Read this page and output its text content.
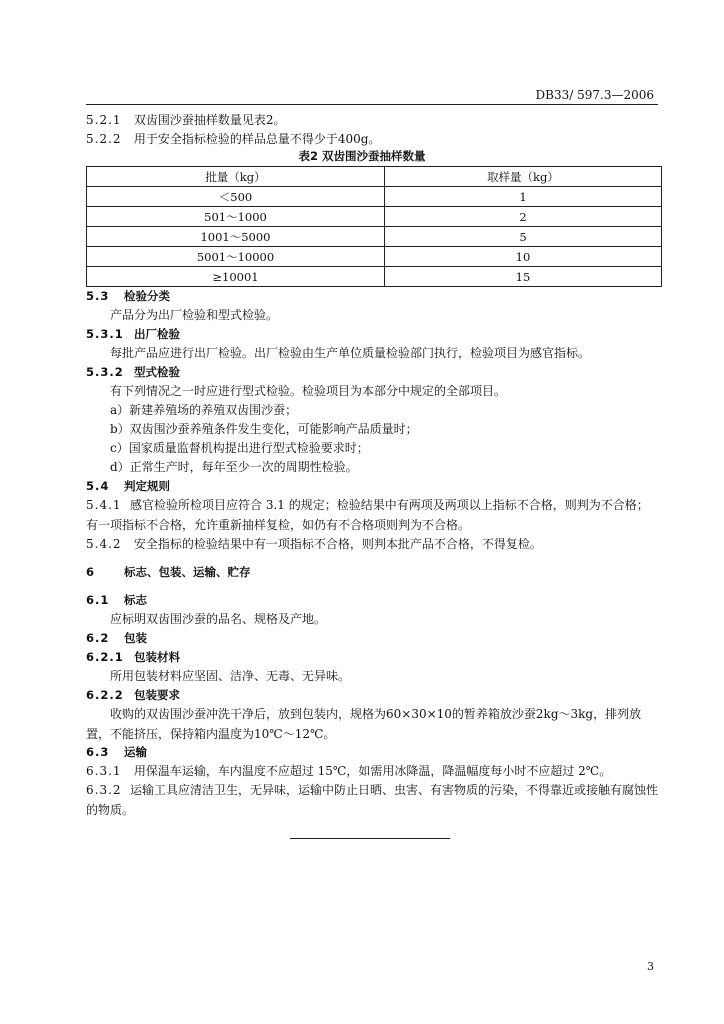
DB33/ 597.3—2006
5.2.1 双齿围沙蚕抽样数量见表2。
5.2.2 用于安全指标检验的样品总量不得少于400g。
表2 双齿围沙蚕抽样数量
批量（kg）	取样量（kg）
＜500	1
501～1000	2
1001～5000	5
5001～10000	10
≥10001	15
5.3 检验分类
产品分为出厂检验和型式检验。
5.3.1 出厂检验
每批产品应进行出厂检验。出厂检验由生产单位质量检验部门执行，检验项目为感官指标。
5.3.2 型式检验
有下列情况之一时应进行型式检验。检验项目为本部分中规定的全部项目。
a）新建养殖场的养殖双齿围沙蚕；
b）双齿围沙蚕养殖条件发生变化，可能影响产品质量时；
c）国家质量监督机构提出进行型式检验要求时；
d）正常生产时，每年至少一次的周期性检验。
5.4 判定规则
5.4.1 感官检验所检项目应符合 3.1 的规定；检验结果中有两项及两项以上指标不合格，则判为不合格；有一项指标不合格，允许重新抽样复检，如仍有不合格项则判为不合格。
5.4.2 安全指标的检验结果中有一项指标不合格，则判本批产品不合格，不得复检。
6	标志、包装、运输、贮存
6.1 标志
应标明双齿围沙蚕的品名、规格及产地。
6.2 包装
6.2.1 包装材料
所用包装材料应坚固、洁净、无毒、无异味。
6.2.2 包装要求
收购的双齿围沙蚕冲洗干净后，放到包装内，规格为60×30×10的暂养箱放沙蚕2kg～3kg，排列放置，不能挤压，保持箱内温度为10℃～12℃。
6.3 运输
6.3.1 用保温车运输，车内温度不应超过 15℃，如需用冰降温，降温幅度每小时不应超过 2℃。
6.3.2 运输工具应清洁卫生，无异味，运输中防止日晒、虫害、有害物质的污染，不得靠近或接触有腐蚀性的物质。
3
